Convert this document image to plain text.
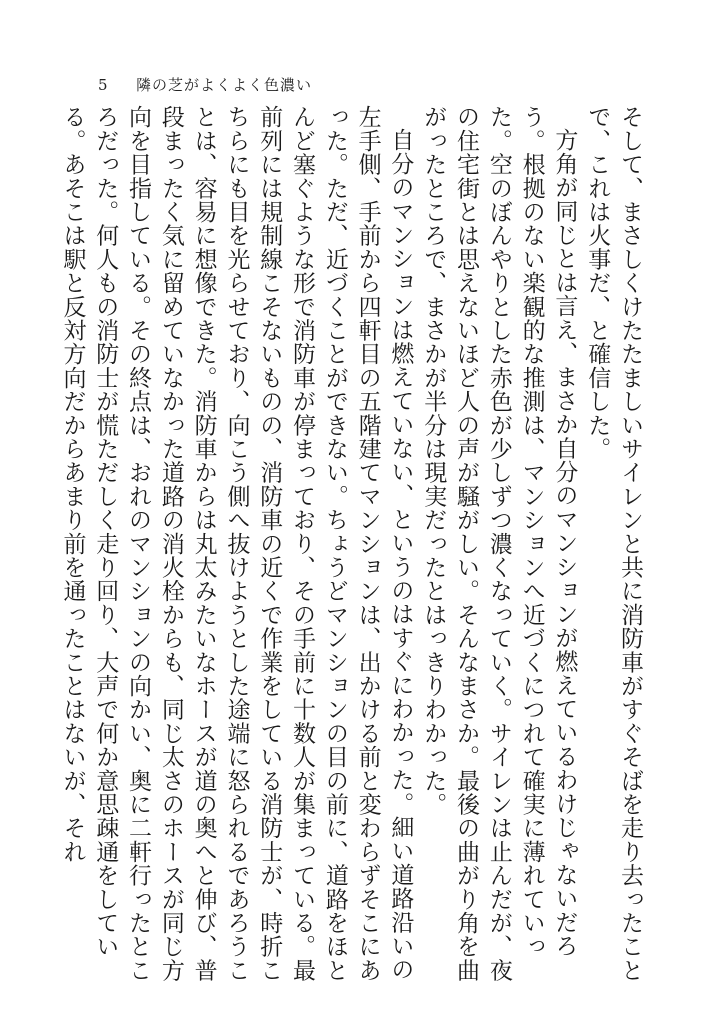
5 隣の芝がよくよく色濃い

そして、まさしくけたたましいサイレンと共に消防車がすぐそばを走り去ったことで、これは火事だ、と確信した。

方角が同じとは言え、まさか自分のマンションが燃えているわけじゃないだろう。根拠のない楽観的な推測は、マンションへ近づくにつれて確実に薄れていった。空のぼんやりとした赤色が少しずつ濃くなっていく。サイレンは止んだが、夜の住宅街とは思えないほど人の声が騒がしい。そんなまさか。最後の曲がり角を曲がったところで、まさかが半分は現実だったとはっきりわかった。

自分のマンションは燃えていない、というのはすぐにわかった。細い道路沿いの左手側、手前から四軒目の五階建てマンションは、出かける前と変わらずそこにあった。ただ、近づくことができない。ちょうどマンションの目の前に、道路をほとんど塞ぐような形で消防車が停まっており、その手前に十数人が集まっている。最前列には規制線こそないものの、消防車の近くで作業をしている消防士が、時折こちらにも目を光らせており、向こう側へ抜けようとした途端に怒られるであろうことは、容易に想像できた。消防車からは丸太みたいなホースが道の奥へと伸び、普段まったく気に留めていなかった道路の消火栓からも、同じ太さのホースが同じ方向を目指している。その終点は、おれのマンションの向かい、奥に二軒行ったところだった。何人もの消防士が慌ただしく走り回り、大声で何か意思疎通をしている。あそこは駅と反対方向だからあまり前を通ったことはないが、それ
